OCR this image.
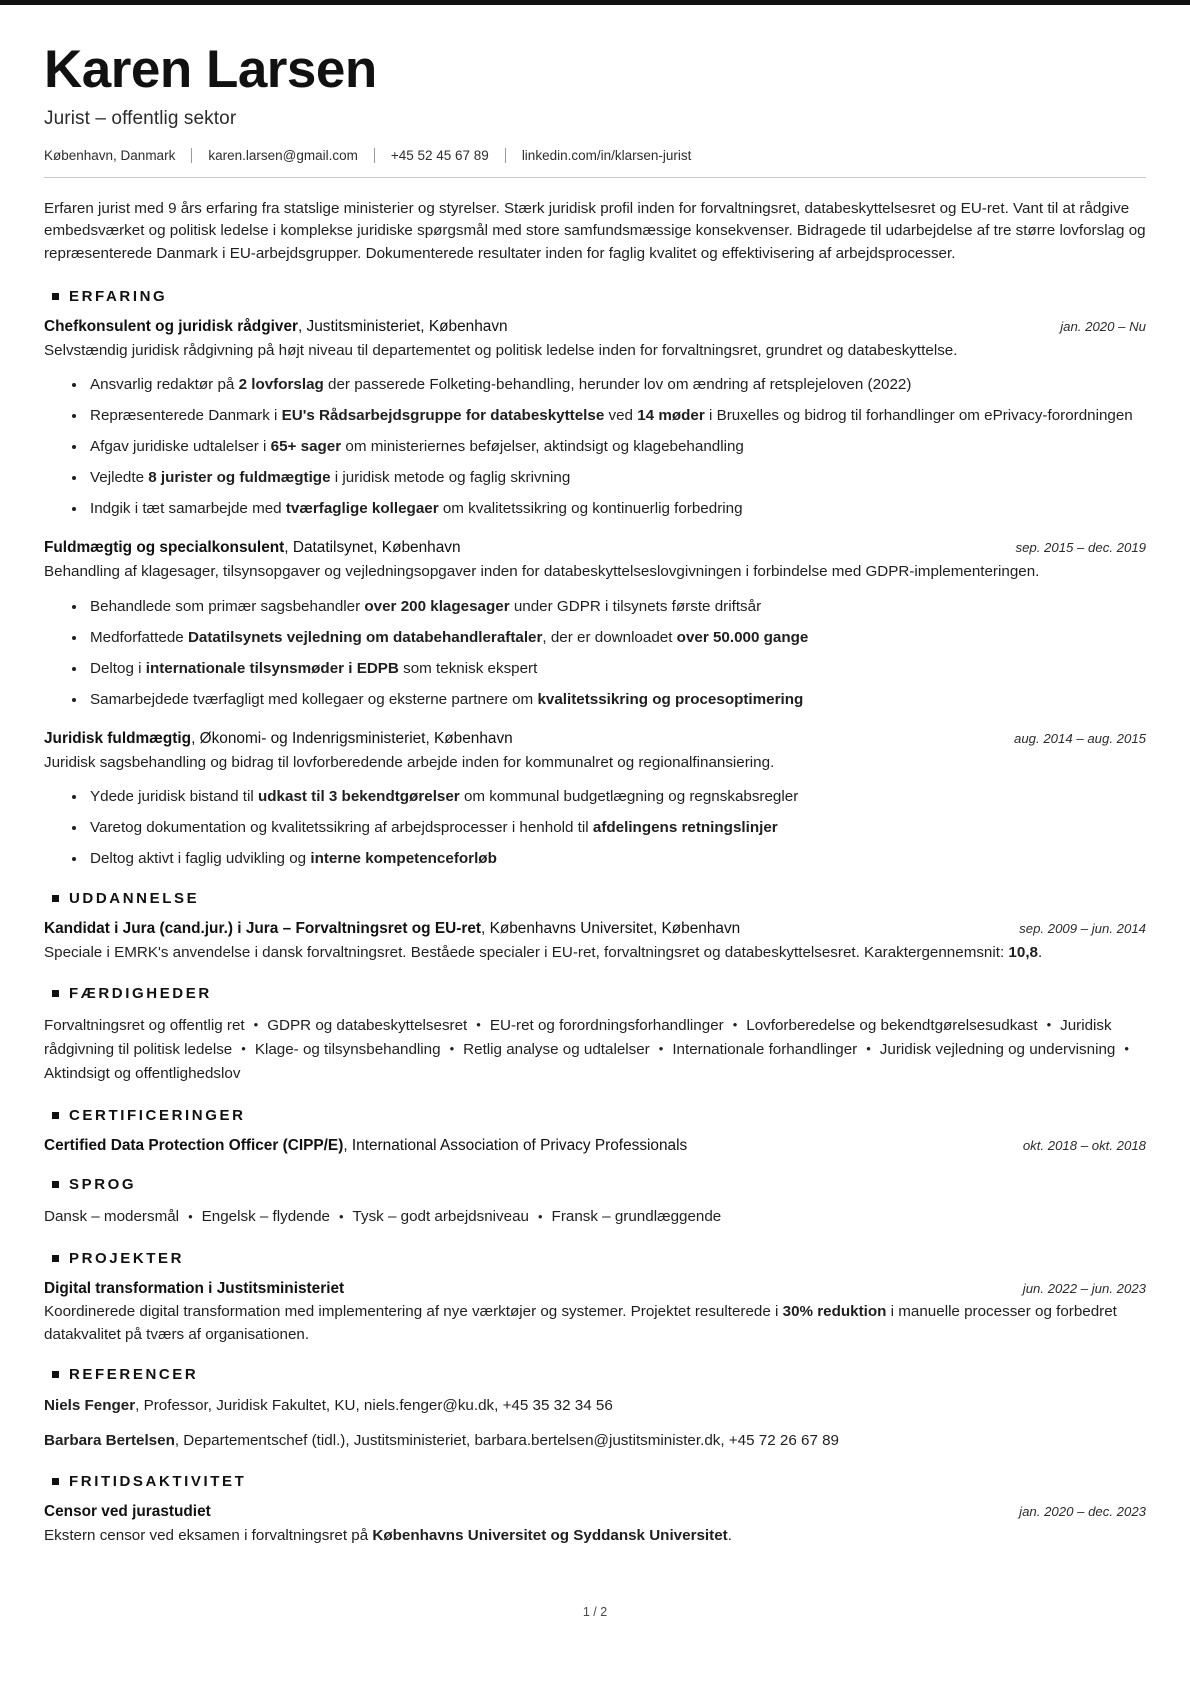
Karen Larsen
Jurist – offentlig sektor
København, Danmark karen.larsen@gmail.com +45 52 45 67 89 linkedin.com/in/klarsen-jurist
Erfaren jurist med 9 års erfaring fra statslige ministerier og styrelser. Stærk juridisk profil inden for forvaltningsret, databeskyttelsesret og EU-ret. Vant til at rådgive embedsværket og politisk ledelse i komplekse juridiske spørgsmål med store samfundsmæssige konsekvenser. Bidragede til udarbejdelse af tre større lovforslag og repræsenterede Danmark i EU-arbejdsgrupper. Dokumenterede resultater inden for faglig kvalitet og effektivisering af arbejdsprocesser.
ERFARING
Chefkonsulent og juridisk rådgiver, Justitsministeriet, København	jan. 2020 – Nu
Selvstændig juridisk rådgivning på højt niveau til departementet og politisk ledelse inden for forvaltningsret, grundret og databeskyttelse.
Ansvarlig redaktør på 2 lovforslag der passerede Folketing-behandling, herunder lov om ændring af retsplejeloven (2022)
Repræsenterede Danmark i EU's Rådsarbejdsgruppe for databeskyttelse ved 14 møder i Bruxelles og bidrog til forhandlinger om ePrivacy-forordningen
Afgav juridiske udtalelser i 65+ sager om ministeriernes beføjelser, aktindsigt og klagebehandling
Vejledte 8 jurister og fuldmægtige i juridisk metode og faglig skrivning
Indgik i tæt samarbejde med tværfaglige kollegaer om kvalitetssikring og kontinuerlig forbedring
Fuldmægtig og specialkonsulent, Datatilsynet, København	sep. 2015 – dec. 2019
Behandling af klagesager, tilsynsopgaver og vejledningsopgaver inden for databeskyttelseslovgivningen i forbindelse med GDPR-implementeringen.
Behandlede som primær sagsbehandler over 200 klagesager under GDPR i tilsynets første driftsår
Medforfattede Datatilsynets vejledning om databehandleraftaler, der er downloadet over 50.000 gange
Deltog i internationale tilsynsmøder i EDPB som teknisk ekspert
Samarbejdede tværfagligt med kollegaer og eksterne partnere om kvalitetssikring og procesoptimering
Juridisk fuldmægtig, Økonomi- og Indenrigsministeriet, København	aug. 2014 – aug. 2015
Juridisk sagsbehandling og bidrag til lovforberedende arbejde inden for kommunalret og regionalfinansiering.
Ydede juridisk bistand til udkast til 3 bekendtgørelser om kommunal budgetlægning og regnskabsregler
Varetog dokumentation og kvalitetssikring af arbejdsprocesser i henhold til afdelingens retningslinjer
Deltog aktivt i faglig udvikling og interne kompetenceforløb
UDDANNELSE
Kandidat i Jura (cand.jur.) i Jura – Forvaltningsret og EU-ret, Københavns Universitet, København	sep. 2009 – jun. 2014
Speciale i EMRK's anvendelse i dansk forvaltningsret. Beståede specialer i EU-ret, forvaltningsret og databeskyttelsesret. Karaktergennemsnit: 10,8.
FÆRDIGHEDER
Forvaltningsret og offentlig ret • GDPR og databeskyttelsesret • EU-ret og forordningsforhandlinger • Lovforberedelse og bekendtgørelsesudkast • Juridisk rådgivning til politisk ledelse • Klage- og tilsynsbehandling • Retlig analyse og udtalelser • Internationale forhandlinger • Juridisk vejledning og undervisning •Aktindsigt og offentlighedslov
CERTIFICERINGER
Certified Data Protection Officer (CIPP/E), International Association of Privacy Professionals	okt. 2018 – okt. 2018
SPROG
Dansk – modersmål • Engelsk – flydende • Tysk – godt arbejdsniveau • Fransk – grundlæggende
PROJEKTER
Digital transformation i Justitsministeriet	jun. 2022 – jun. 2023
Koordinerede digital transformation med implementering af nye værktøjer og systemer. Projektet resulterede i 30% reduktion i manuelle processer og forbedret datakvalitet på tværs af organisationen.
REFERENCER
Niels Fenger, Professor, Juridisk Fakultet, KU, niels.fenger@ku.dk, +45 35 32 34 56
Barbara Bertelsen, Departementschef (tidl.), Justitsministeriet, barbara.bertelsen@justitsminister.dk, +45 72 26 67 89
FRITIDSAKTIVITET
Censor ved jurastudiet	jan. 2020 – dec. 2023
Ekstern censor ved eksamen i forvaltningsret på Københavns Universitet og Syddansk Universitet.
1 / 2
